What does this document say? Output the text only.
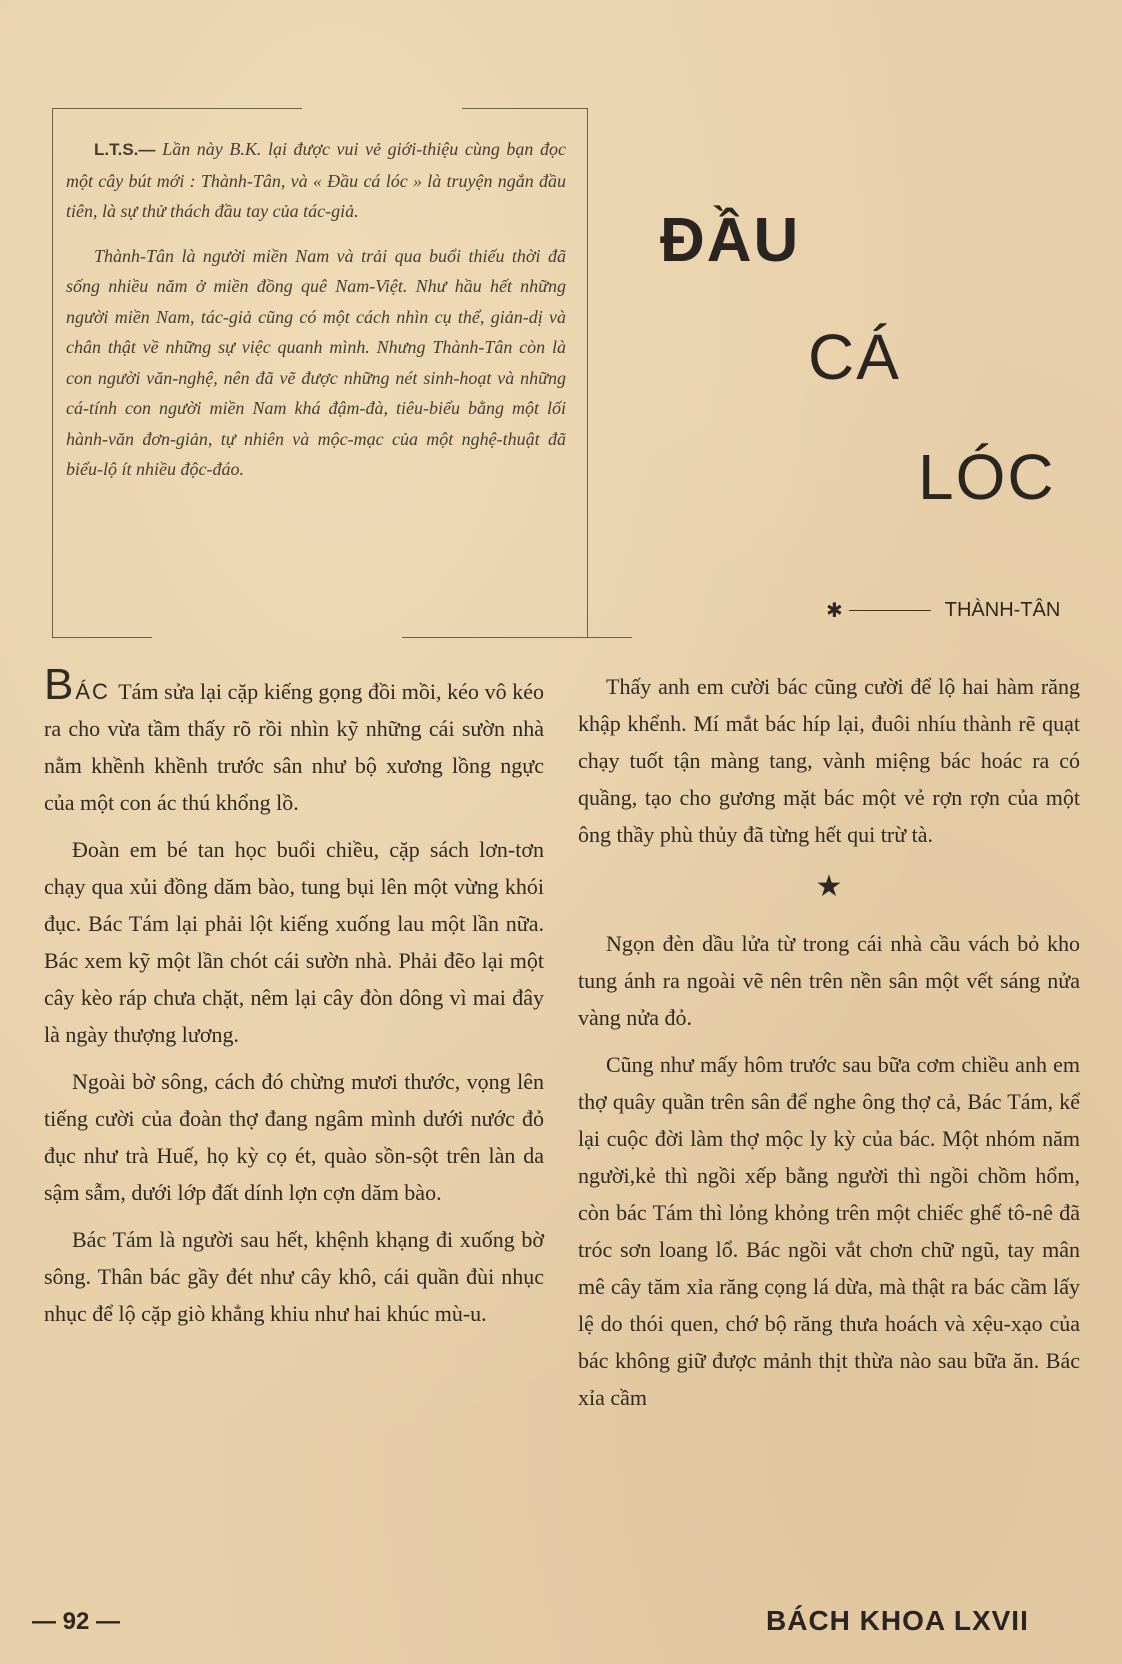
L.T.S.— Lần này B.K. lại được vui vẻ giới-thiệu cùng bạn đọc một cây bút mới : Thành-Tân, và « Đầu cá lóc » là truyện ngắn đầu tiên, là sự thử thách đầu tay của tác-giả.

Thành-Tân là người miền Nam và trải qua buổi thiếu thời đã sống nhiều năm ở miền đồng quê Nam-Việt. Như hầu hết những người miền Nam, tác-giả cũng có một cách nhìn cụ thể, giản-dị và chân thật về những sự việc quanh mình. Nhưng Thành-Tân còn là con người văn-nghệ, nên đã vẽ được những nét sinh-hoạt và những cá-tính con người miền Nam khá đậm-đà, tiêu-biểu bằng một lối hành-văn đơn-giản, tự nhiên và mộc-mạc của một nghệ-thuật đã biểu-lộ ít nhiều độc-đáo.

ĐẦU
CÁ
LÓC
✱	THÀNH-TÂN

BÁC Tám sửa lại cặp kiếng gọng đồi mồi, kéo vô kéo ra cho vừa tầm thấy rõ rồi nhìn kỹ những cái sườn nhà nằm khềnh khềnh trước sân như bộ xương lồng ngực của một con ác thú khổng lồ.

Đoàn em bé tan học buổi chiều, cặp sách lơn-tơn chạy qua xủi đồng dăm bào, tung bụi lên một vừng khói đục. Bác Tám lại phải lột kiếng xuống lau một lần nữa. Bác xem kỹ một lần chót cái sườn nhà. Phải đẽo lại một cây kèo ráp chưa chặt, nêm lại cây đòn dông vì mai đây là ngày thượng lương.

Ngoài bờ sông, cách đó chừng mươi thước, vọng lên tiếng cười của đoàn thợ đang ngâm mình dưới nước đỏ đục như trà Huế, họ kỳ cọ ét, quào sồn-sột trên làn da sậm sẫm, dưới lớp đất dính lợn cợn dăm bào.

Bác Tám là người sau hết, khệnh khạng đi xuống bờ sông. Thân bác gầy đét như cây khô, cái quần đùi nhục nhục để lộ cặp giò khẳng khiu như hai khúc mù-u.

Thấy anh em cười bác cũng cười để lộ hai hàm răng khập khểnh. Mí mắt bác híp lại, đuôi nhíu thành rẽ quạt chạy tuốt tận màng tang, vành miệng bác hoác ra có quầng, tạo cho gương mặt bác một vẻ rợn rợn của một ông thầy phù thủy đã từng hết qui trừ tà.

★

Ngọn đèn dầu lửa từ trong cái nhà cầu vách bỏ kho tung ánh ra ngoài vẽ nên trên nền sân một vết sáng nửa vàng nửa đỏ.

Cũng như mấy hôm trước sau bữa cơm chiều anh em thợ quây quần trên sân để nghe ông thợ cả, Bác Tám, kể lại cuộc đời làm thợ mộc ly kỳ của bác. Một nhóm năm người,kẻ thì ngồi xếp bằng người thì ngồi chồm hổm, còn bác Tám thì lỏng khỏng trên một chiếc ghế tô-nê đã tróc sơn loang lổ. Bác ngồi vắt chơn chữ ngũ, tay mân mê cây tăm xỉa răng cọng lá dừa, mà thật ra bác cầm lấy lệ do thói quen, chớ bộ răng thưa hoách và xệu-xạo của bác không giữ được mảnh thịt thừa nào sau bữa ăn. Bác xỉa cầm

— 92 —	BÁCH KHOA LXVII
